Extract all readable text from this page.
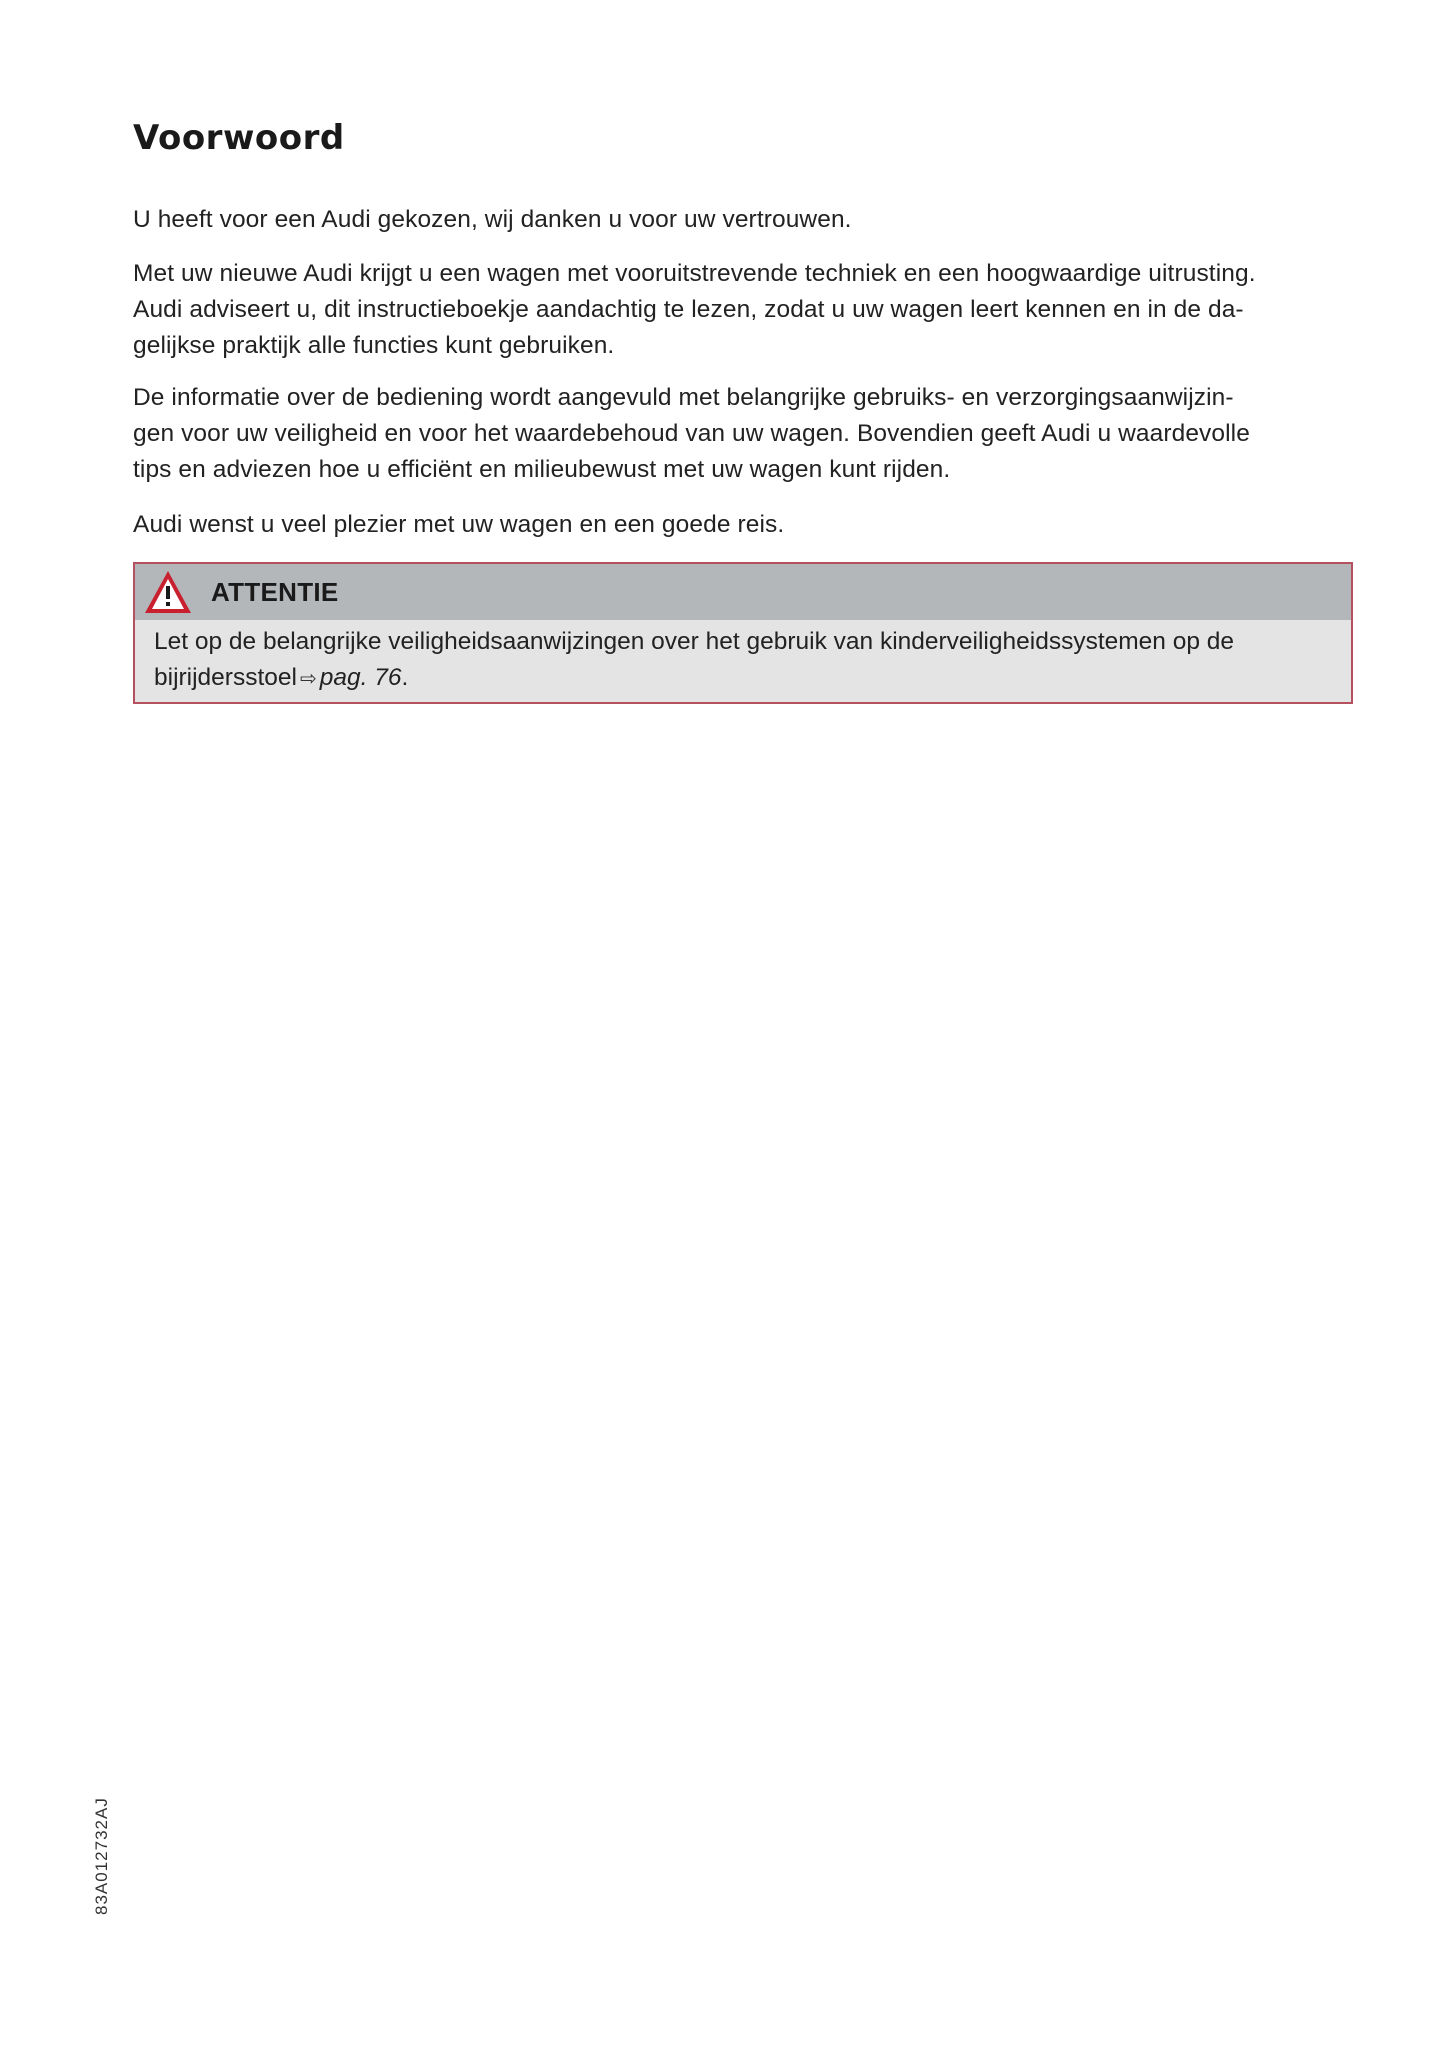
Voorwoord

U heeft voor een Audi gekozen, wij danken u voor uw vertrouwen.

Met uw nieuwe Audi krijgt u een wagen met vooruitstrevende techniek en een hoogwaardige uitrusting.
Audi adviseert u, dit instructieboekje aandachtig te lezen, zodat u uw wagen leert kennen en in de da-
gelijkse praktijk alle functies kunt gebruiken.

De informatie over de bediening wordt aangevuld met belangrijke gebruiks- en verzorgingsaanwijzin-
gen voor uw veiligheid en voor het waardebehoud van uw wagen. Bovendien geeft Audi u waardevolle
tips en adviezen hoe u efficiënt en milieubewust met uw wagen kunt rijden.

Audi wenst u veel plezier met uw wagen en een goede reis.

ATTENTIE
Let op de belangrijke veiligheidsaanwijzingen over het gebruik van kinderveiligheidssystemen op de
bijrijdersstoel ⇨ pag. 76.
83A012732AJ
